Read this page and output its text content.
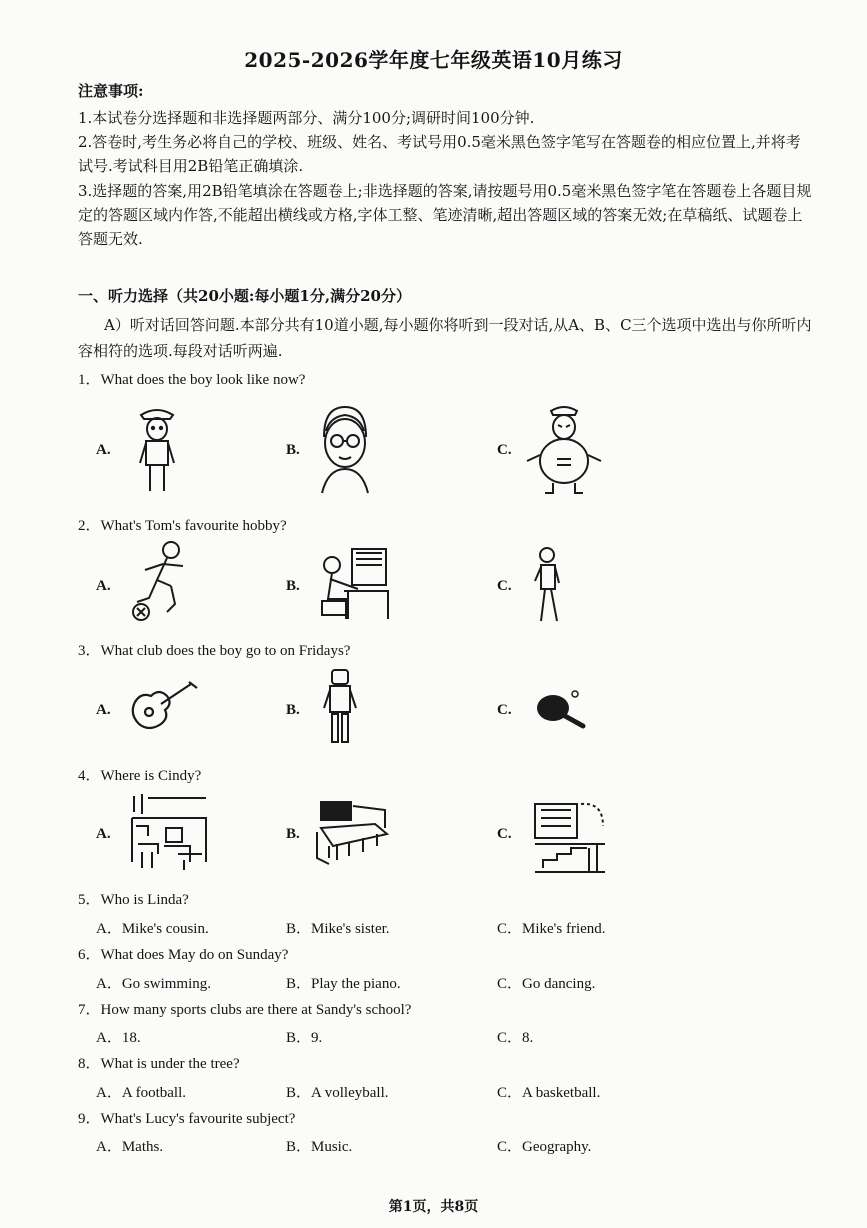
2025-2026学年度七年级英语10月练习
注意事项:
1.本试卷分选择题和非选择题两部分、满分100分;调研时间100分钟.
2.答卷时,考生务必将自己的学校、班级、姓名、考试号用0.5毫米黑色签字笔写在答题卷的相应位置上,并将考试号.考试科目用2B铅笔正确填涂.
3.选择题的答案,用2B铅笔填涂在答题卷上;非选择题的答案,请按题号用0.5毫米黑色签字笔在答题卷上各题目规定的答题区域内作答,不能超出横线或方格,字体工整、笔迹清晰,超出答题区域的答案无效;在草稿纸、试题卷上答题无效.
一、听力选择（共20小题:每小题1分,满分20分）
A）听对话回答问题.本部分共有10道小题,每小题你将听到一段对话,从A、B、C三个选项中选出与你所听内容相符的选项.每段对话听两遍.
1．What does the boy look like now?
A.	B.	C.
2．What's Tom's favourite hobby?
A.	B.	C.
3．What club does the boy go to on Fridays?
A.	B.	C.
4．Where is Cindy?
A.	B.	C.
5．Who is Linda?
A．Mike's cousin.	B．Mike's sister.	C．Mike's friend.
6．What does May do on Sunday?
A．Go swimming.	B．Play the piano.	C．Go dancing.
7．How many sports clubs are there at Sandy's school?
A．18.	B．9.	C．8.
8．What is under the tree?
A．A football.	B．A volleyball.	C．A basketball.
9．What's Lucy's favourite subject?
A．Maths.	B．Music.	C．Geography.
第1页，共8页
